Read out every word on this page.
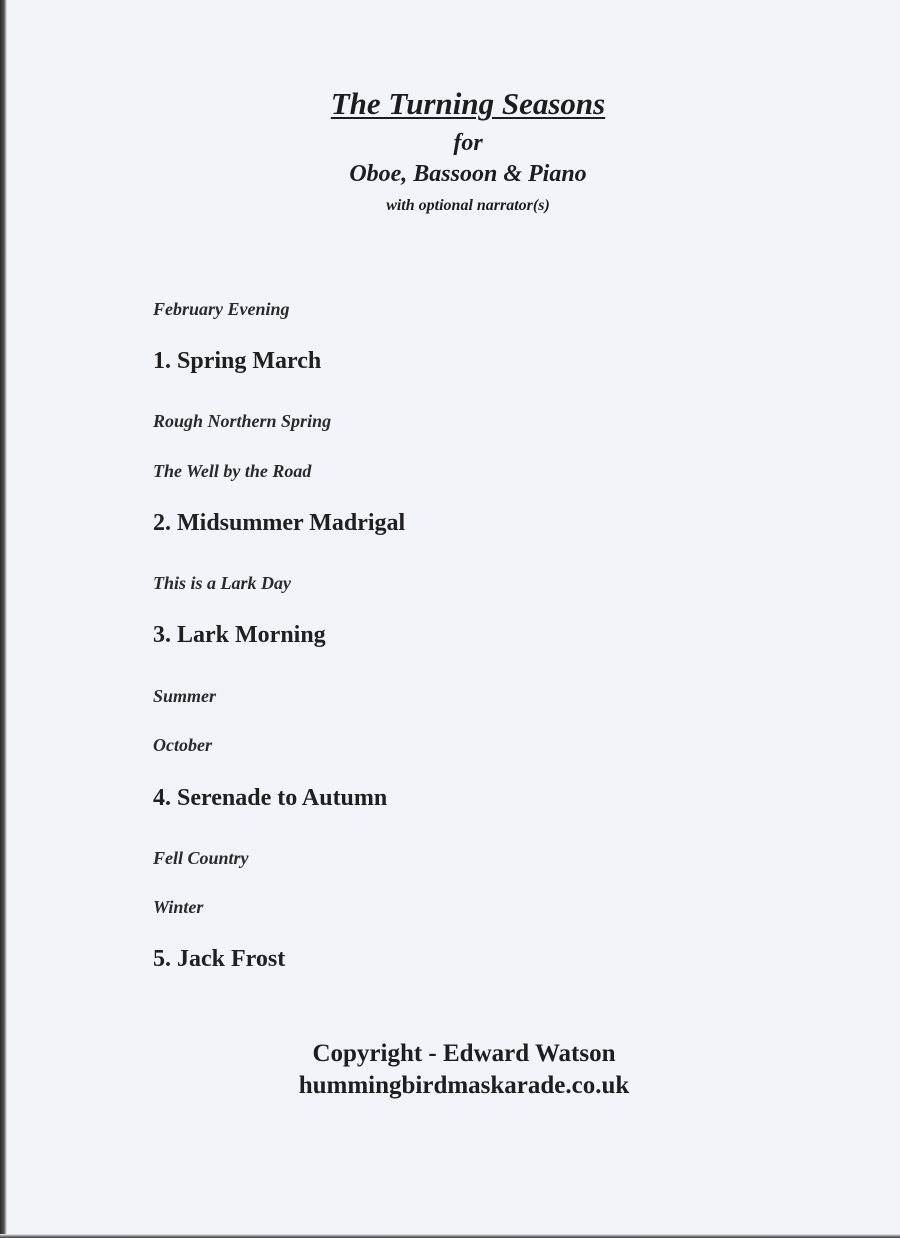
The Turning Seasons
for
Oboe, Bassoon & Piano
with optional narrator(s)
February Evening
1. Spring March
Rough Northern Spring
The Well by the Road
2. Midsummer Madrigal
This is a Lark Day
3. Lark Morning
Summer
October
4. Serenade to Autumn
Fell Country
Winter
5. Jack Frost
Copyright - Edward Watson
hummingbirdmaskarade.co.uk
